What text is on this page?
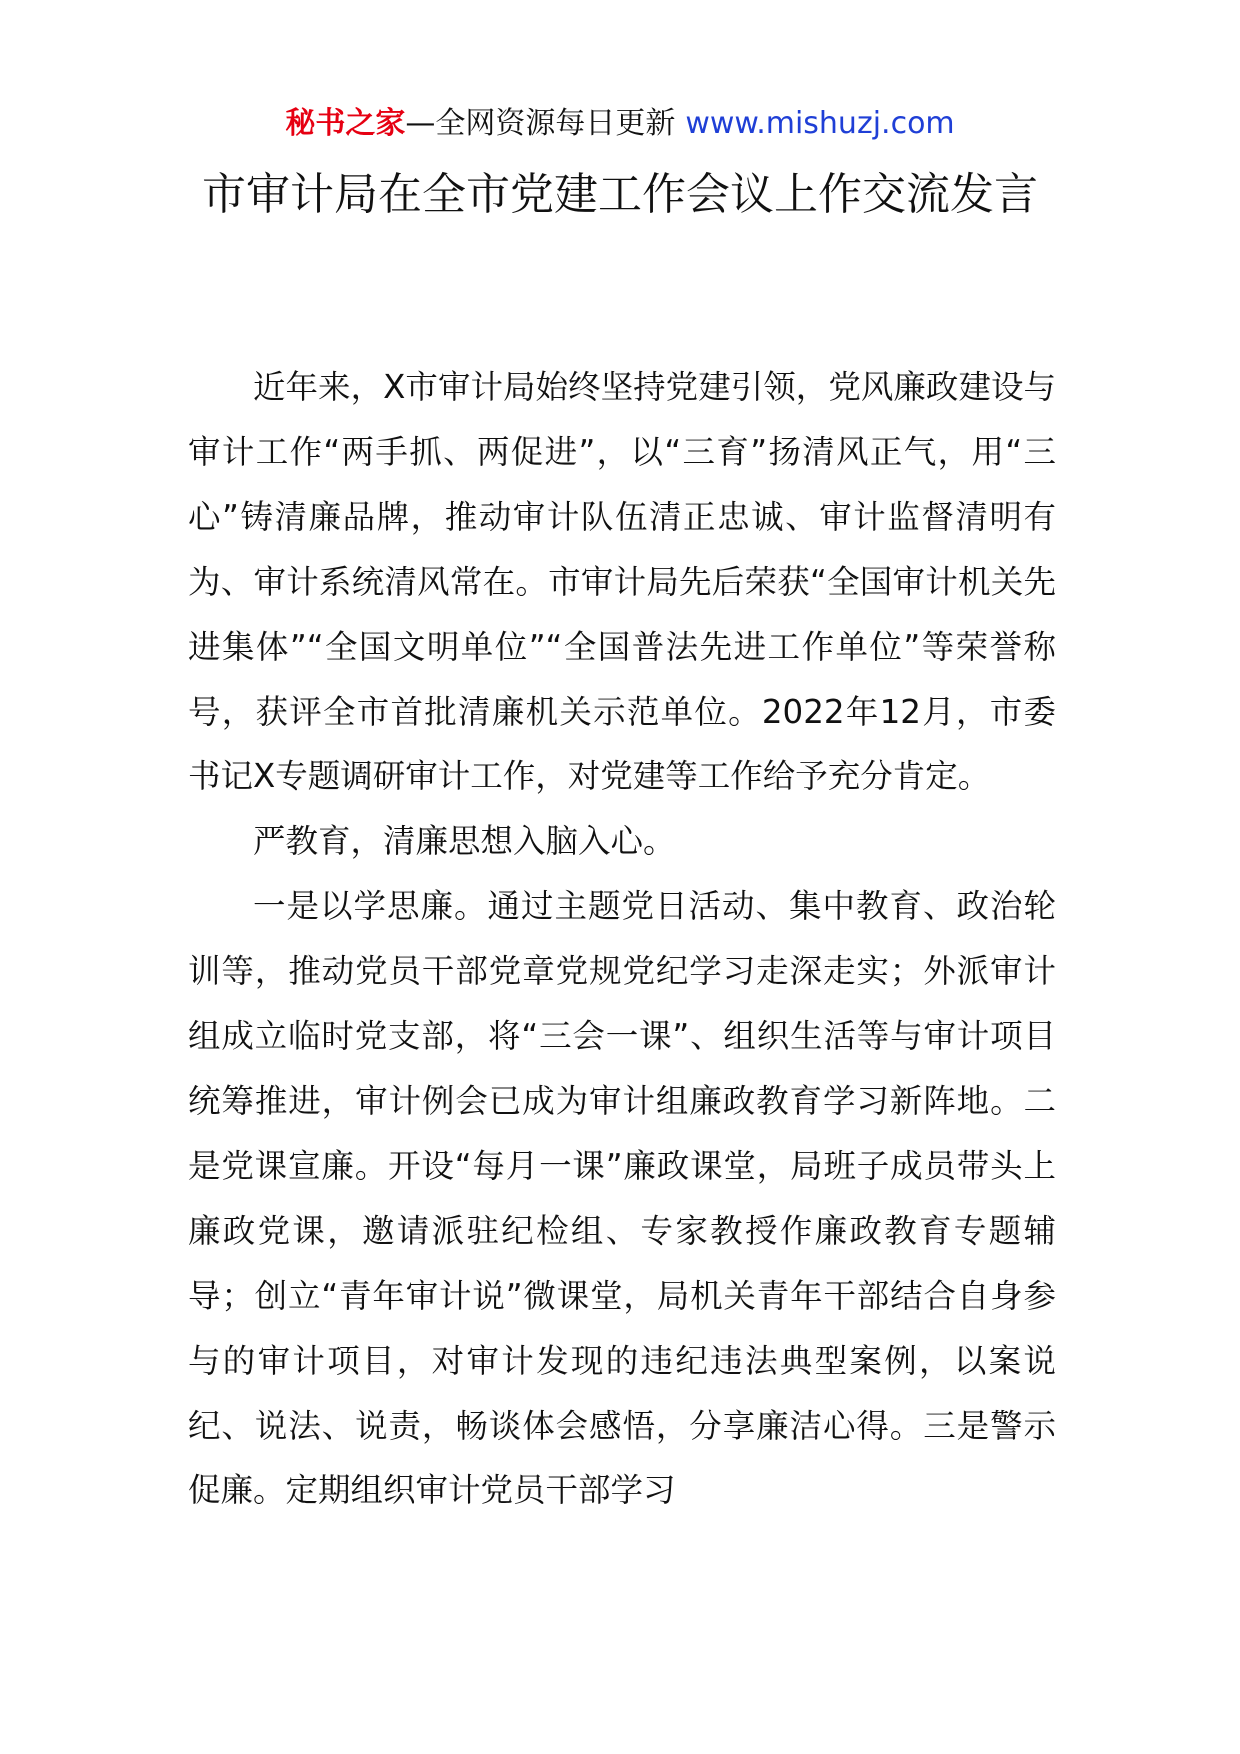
秘书之家—全网资源每日更新 www.mishuzj.com
市审计局在全市党建工作会议上作交流发言

近年来，X市审计局始终坚持党建引领，党风廉政建设与审计工作“两手抓、两促进”，以“三育”扬清风正气，用“三心”铸清廉品牌，推动审计队伍清正忠诚、审计监督清明有为、审计系统清风常在。市审计局先后荣获“全国审计机关先进集体”“全国文明单位”“全国普法先进工作单位”等荣誉称号，获评全市首批清廉机关示范单位。2022年12月，市委书记X专题调研审计工作，对党建等工作给予充分肯定。

严教育，清廉思想入脑入心。

一是以学思廉。通过主题党日活动、集中教育、政治轮训等，推动党员干部党章党规党纪学习走深走实；外派审计组成立临时党支部，将“三会一课”、组织生活等与审计项目统筹推进，审计例会已成为审计组廉政教育学习新阵地。二是党课宣廉。开设“每月一课”廉政课堂，局班子成员带头上廉政党课，邀请派驻纪检组、专家教授作廉政教育专题辅导；创立“青年审计说”微课堂，局机关青年干部结合自身参与的审计项目，对审计发现的违纪违法典型案例，以案说纪、说法、说责，畅谈体会感悟，分享廉洁心得。三是警示促廉。定期组织审计党员干部学习
